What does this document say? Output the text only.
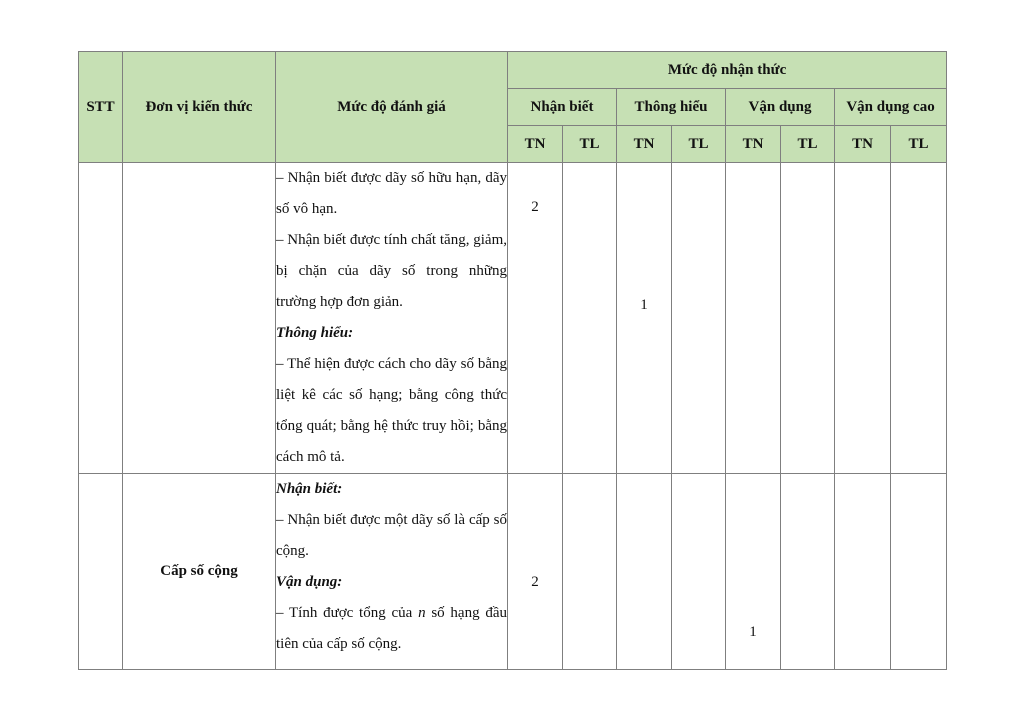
STT	Đơn vị kiến thức	Mức độ đánh giá	Mức độ nhận thức							
			Nhận biết		Thông hiểu		Vận dụng		Vận dụng cao	
			TN	TL	TN	TL	TN	TL	TN	TL

		– Nhận biết được dãy số hữu hạn, dãy số vô hạn.

– Nhận biết được tính chất tăng, giảm, bị chặn của dãy số trong những trường hợp đơn giản.

Thông hiểu:

– Thể hiện được cách cho dãy số bằng liệt kê các số hạng; bằng công thức tổng quát; bằng hệ thức truy hồi; bằng cách mô tả.	2		1					

	Cấp số cộng	Nhận biết:

– Nhận biết được một dãy số là cấp số cộng.

Vận dụng:

– Tính được tổng của n số hạng đầu tiên của cấp số cộng.	2				1			
